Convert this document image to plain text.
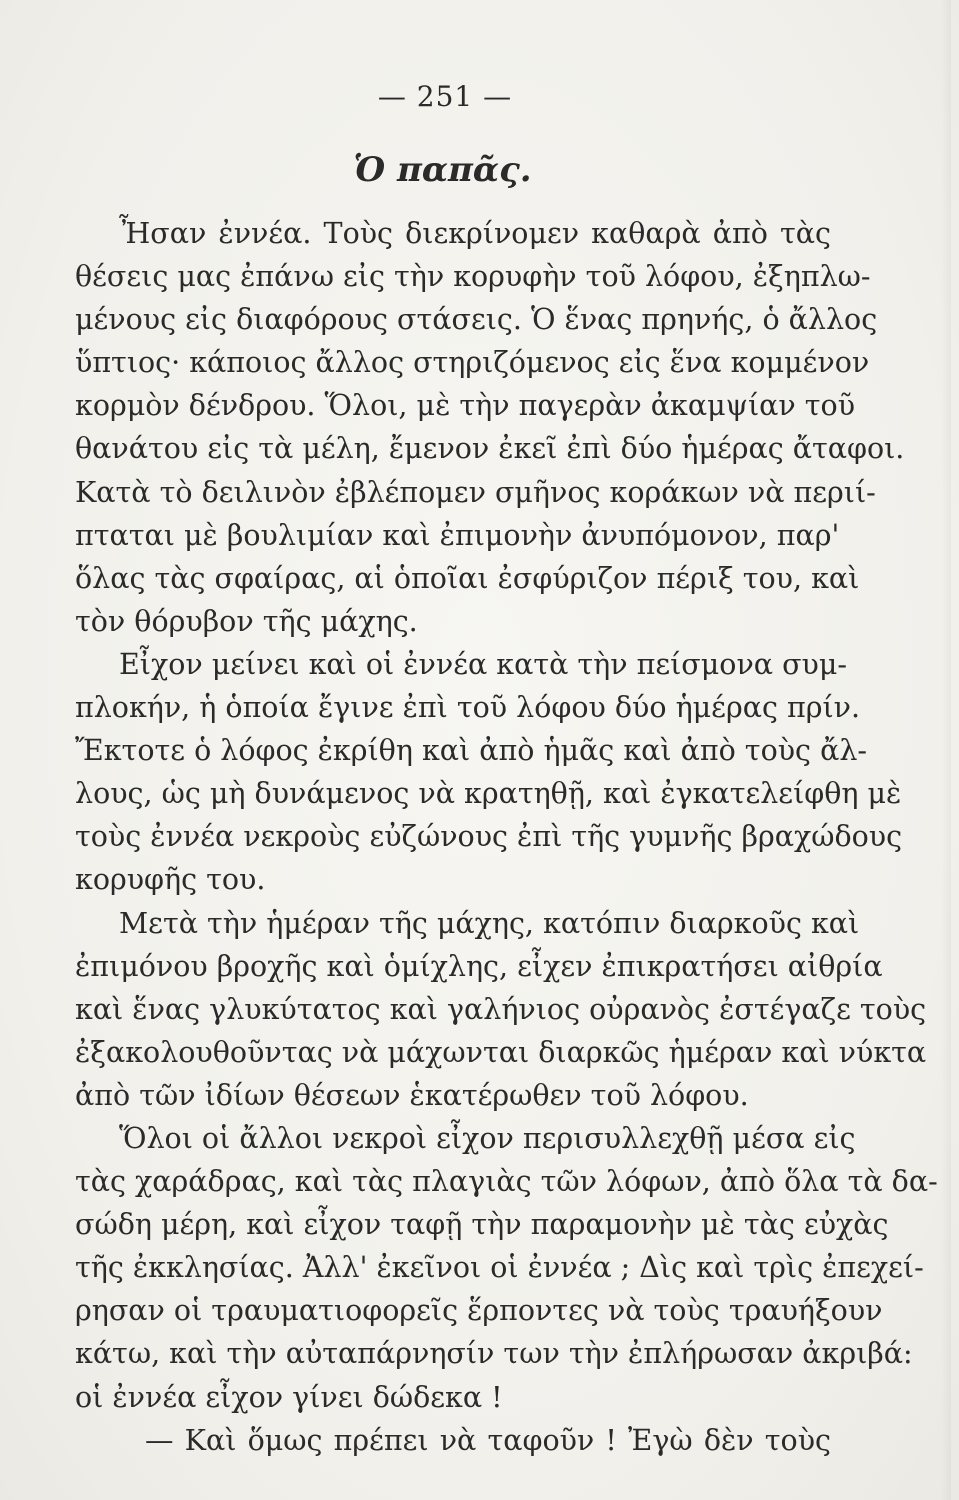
— 251 —
Ὁ παπᾶς.
Ἦσαν ἐννέα. Τοὺς διεκρίνομεν καθαρὰ ἀπὸ τὰς
θέσεις μας ἐπάνω εἰς τὴν κορυφὴν τοῦ λόφου, ἐξηπλω-
μένους εἰς διαφόρους στάσεις. Ὁ ἕνας πρηνής, ὁ ἄλλος
ὕπτιος· κάποιος ἄλλος στηριζόμενος εἰς ἕνα κομμένον
κορμὸν δένδρου. Ὅλοι, μὲ τὴν παγερὰν ἀκαμψίαν τοῦ
θανάτου εἰς τὰ μέλη, ἔμενον ἐκεῖ ἐπὶ δύο ἡμέρας ἄταφοι.
Κατὰ τὸ δειλινὸν ἐβλέπομεν σμῆνος κοράκων νὰ περιί-
πταται μὲ βουλιμίαν καὶ ἐπιμονὴν ἀνυπόμονον, παρ'
ὅλας τὰς σφαίρας, αἱ ὁποῖαι ἐσφύριζον πέριξ του, καὶ
τὸν θόρυβον τῆς μάχης.
Εἶχον μείνει καὶ οἱ ἐννέα κατὰ τὴν πείσμονα συμ-
πλοκήν, ἡ ὁποία ἔγινε ἐπὶ τοῦ λόφου δύο ἡμέρας πρίν.
Ἔκτοτε ὁ λόφος ἐκρίθη καὶ ἀπὸ ἡμᾶς καὶ ἀπὸ τοὺς ἄλ-
λους, ὡς μὴ δυνάμενος νὰ κρατηθῇ, καὶ ἐγκατελείφθη μὲ
τοὺς ἐννέα νεκροὺς εὐζώνους ἐπὶ τῆς γυμνῆς βραχώδους
κορυφῆς του.
Μετὰ τὴν ἡμέραν τῆς μάχης, κατόπιν διαρκοῦς καὶ
ἐπιμόνου βροχῆς καὶ ὁμίχλης, εἶχεν ἐπικρατήσει αἰθρία
καὶ ἕνας γλυκύτατος καὶ γαλήνιος οὐρανὸς ἐστέγαζε τοὺς
ἐξακολουθοῦντας νὰ μάχωνται διαρκῶς ἡμέραν καὶ νύκτα
ἀπὸ τῶν ἰδίων θέσεων ἑκατέρωθεν τοῦ λόφου.
Ὅλοι οἱ ἄλλοι νεκροὶ εἶχον περισυλλεχθῇ μέσα εἰς
τὰς χαράδρας, καὶ τὰς πλαγιὰς τῶν λόφων, ἀπὸ ὅλα τὰ δα-
σώδη μέρη, καὶ εἶχον ταφῇ τὴν παραμονὴν μὲ τὰς εὐχὰς
τῆς ἐκκλησίας. Ἀλλ' ἐκεῖνοι οἱ ἐννέα ; Δὶς καὶ τρὶς ἐπεχεί-
ρησαν οἱ τραυματιοφορεῖς ἕρποντες νὰ τοὺς τραυήξουν
κάτω, καὶ τὴν αὐταπάρνησίν των τὴν ἐπλήρωσαν ἀκριβά:
οἱ ἐννέα εἶχον γίνει δώδεκα !
— Καὶ ὅμως πρέπει νὰ ταφοῦν ! Ἐγὼ δὲν τοὺς
